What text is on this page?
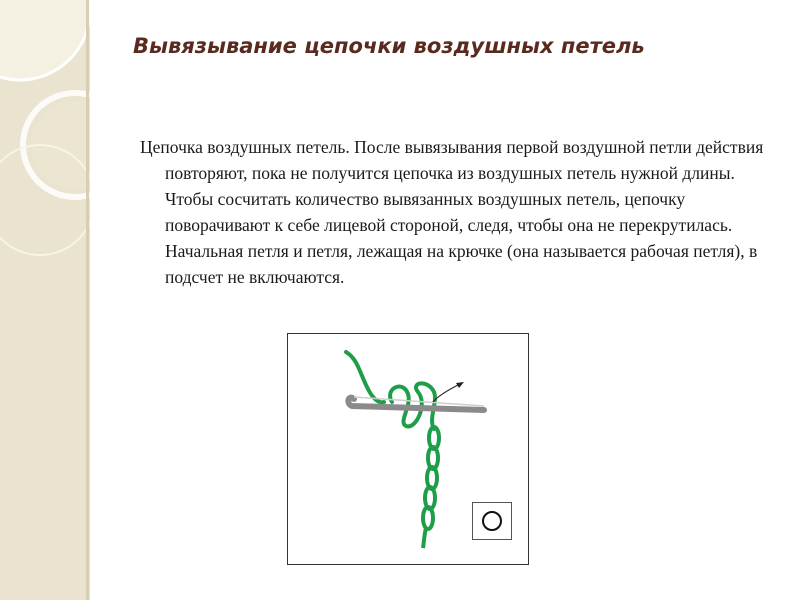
Вывязывание цепочки воздушных петель

Цепочка воздушных петель. После вывязывания первой воздушной петли действия повторяют, пока не получится цепочка из воздушных петель нужной длины. Чтобы сосчитать количество вывязанных воздушных петель, цепочку поворачивают к себе лицевой стороной, следя, чтобы она не перекрутилась. Начальная петля и петля, лежащая на крючке (она называется рабочая петля), в подсчет не включаются.
